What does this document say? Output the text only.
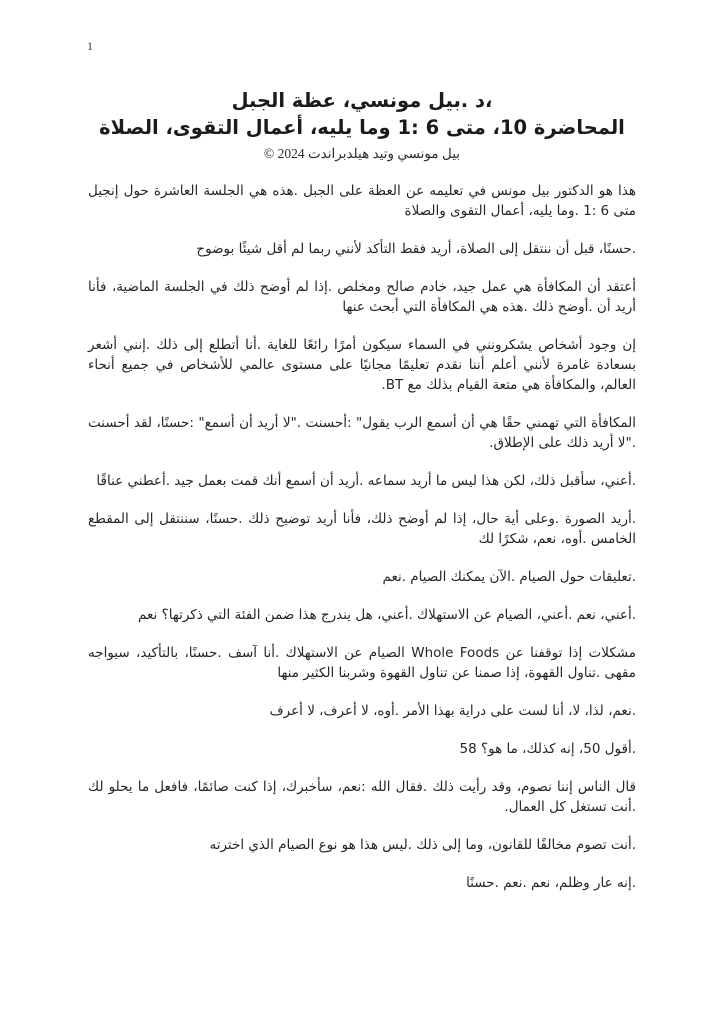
1
،د .بيل مونسي، عظة الجبل
المحاضرة 10، متى 6 :1 وما يليه، أعمال التقوى، الصلاة
بيل مونسي وتيد هيلدبراندت 2024 ©

هذا هو الدكتور بيل مونس في تعليمه عن العظة على الجبل .هذه هي الجلسة العاشرة حول إنجيل متى 6 :1 .وما يليه، أعمال التقوى والصلاة

.حسنًا، قبل أن ننتقل إلى الصلاة، أريد فقط التأكد لأنني ربما لم أقل شيئًا بوضوح

أعتقد أن المكافأة هي عمل جيد، خادم صالح ومخلص .إذا لم أوضح ذلك في الجلسة الماضية، فأنا أريد أن .أوضح ذلك .هذه هي المكافأة التي أبحث عنها

إن وجود أشخاص يشكرونني في السماء سيكون أمرًا رائعًا للغاية .أنا أتطلع إلى ذلك .إنني أشعر بسعادة غامرة لأنني أعلم أننا نقدم تعليمًا مجانيًا على مستوى عالمي للأشخاص في جميع أنحاء العالم، والمكافأة هي متعة القيام بذلك مع BT.

المكافأة التي تهمني حقًا هي أن أسمع الرب يقول" :أحسنت ."لا أريد أن أسمع" :حسنًا، لقد أحسنت ."لا أريد ذلك على الإطلاق.

.أعني، سأقبل ذلك، لكن هذا ليس ما أريد سماعه .أريد أن أسمع أنك قمت بعمل جيد .أعطني عناقًا

.أريد الصورة .وعلى أية حال، إذا لم أوضح ذلك، فأنا أريد توضيح ذلك .حسنًا، سننتقل إلى المقطع الخامس .أوه، نعم، شكرًا لك

.تعليقات حول الصيام .الآن يمكنك الصيام .نعم

.أعني، نعم .أعني، الصيام عن الاستهلاك .أعني، هل يندرج هذا ضمن الفئة التي ذكرتها؟ نعم

مشكلات إذا توقفنا عن Whole Foods الصيام عن الاستهلاك .أنا آسف .حسنًا، بالتأكيد، سيواجه مقهى .تناول القهوة، إذا صمنا عن تناول القهوة وشربنا الكثير منها

.نعم، لذا، لا، أنا لست على دراية بهذا الأمر .أوه، لا أعرف، لا أعرف

.أقول 50، إنه كذلك، ما هو؟ 58

قال الناس إننا نصوم، وقد رأيت ذلك .فقال الله :نعم، سأخبرك، إذا كنت صائمًا، فافعل ما يحلو لك .أنت تستغل كل العمال.

.أنت تصوم مخالفًا للقانون، وما إلى ذلك .ليس هذا هو نوع الصيام الذي اخترته

.إنه عار وظلم، نعم .نعم .حسنًا
